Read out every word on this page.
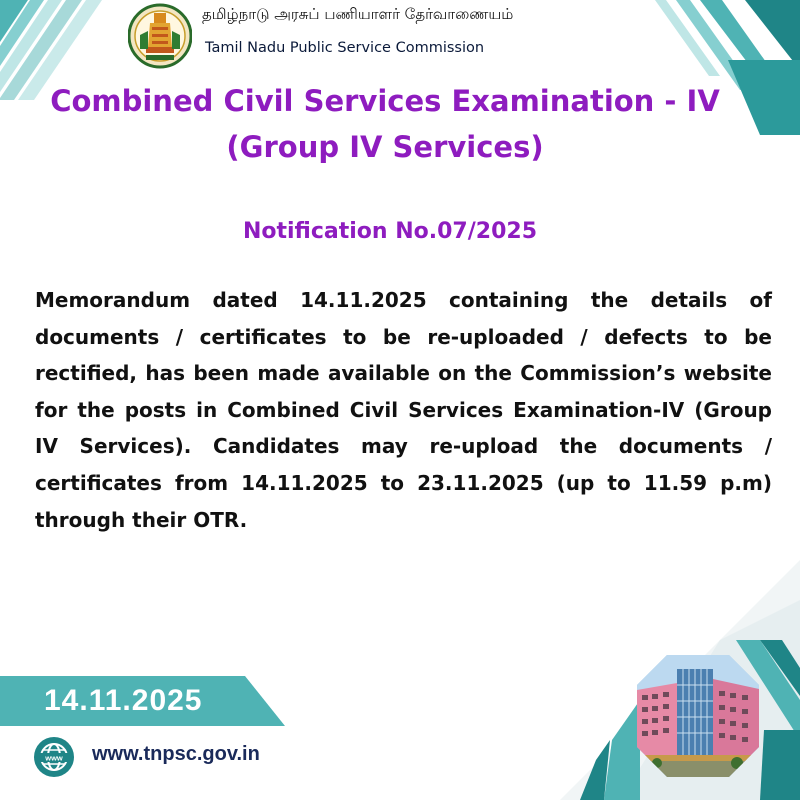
தமிழ்நாடு அரசுப் பணியாளர் தேர்வாணையம்
Tamil Nadu Public Service Commission
Combined Civil Services Examination - IV
(Group IV Services)
Notification No.07/2025

Memorandum dated 14.11.2025 containing the details of documents / certificates to be re-uploaded / defects to be rectified, has been made available on the Commission’s website for the posts in Combined Civil Services Examination-IV (Group IV Services). Candidates may re-upload the documents / certificates from 14.11.2025 to 23.11.2025 (up to 11.59 p.m) through their OTR.

14.11.2025
www www.tnpsc.gov.in
